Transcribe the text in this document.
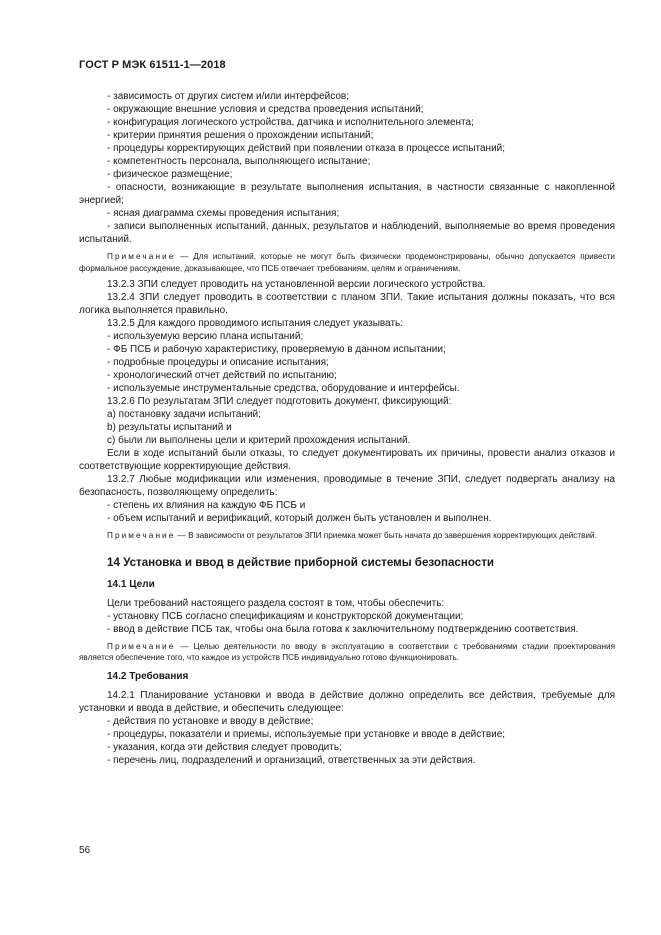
ГОСТ Р МЭК 61511-1—2018

- зависимость от других систем и/или интерфейсов;

- окружающие внешние условия и средства проведения испытаний;

- конфигурация логического устройства, датчика и исполнительного элемента;

- критерии принятия решения о прохождении испытаний;

- процедуры корректирующих действий при появлении отказа в процессе испытаний;

- компетентность персонала, выполняющего испытание;

- физическое размещение;

- опасности, возникающие в результате выполнения испытания, в частности связанные с накопленной энергией;

- ясная диаграмма схемы проведения испытания;

- записи выполненных испытаний, данных, результатов и наблюдений, выполняемые во время проведения испытаний.

Примечание — Для испытаний, которые не могут быть физически продемонстрированы, обычно допускается привести формальное рассуждение, доказывающее, что ПСБ отвечает требованиям, целям и ограничениям.

13.2.3 ЗПИ следует проводить на установленной версии логического устройства.

13.2.4 ЗПИ следует проводить в соответствии с планом ЗПИ. Такие испытания должны показать, что вся логика выполняется правильно.

13.2.5 Для каждого проводимого испытания следует указывать:

- используемую версию плана испытаний;

- ФБ ПСБ и рабочую характеристику, проверяемую в данном испытании;

- подробные процедуры и описание испытания;

- хронологический отчет действий по испытанию;

- используемые инструментальные средства, оборудование и интерфейсы.

13.2.6 По результатам ЗПИ следует подготовить документ, фиксирующий:

a) постановку задачи испытаний;

b) результаты испытаний и

c) были ли выполнены цели и критерий прохождения испытаний.

Если в ходе испытаний были отказы, то следует документировать их причины, провести анализ отказов и соответствующие корректирующие действия.

13.2.7 Любые модификации или изменения, проводимые в течение ЗПИ, следует подвергать анализу на безопасность, позволяющему определить:

- степень их влияния на каждую ФБ ПСБ и

- объем испытаний и верификаций, который должен быть установлен и выполнен.

Примечание — В зависимости от результатов ЗПИ приемка может быть начата до завершения корректирующих действий.

14 Установка и ввод в действие приборной системы безопасности

14.1 Цели

Цели требований настоящего раздела состоят в том, чтобы обеспечить:

- установку ПСБ согласно спецификациям и конструкторской документации;

- ввод в действие ПСБ так, чтобы она была готова к заключительному подтверждению соответствия.

Примечание — Целью деятельности по вводу в эксплуатацию в соответствии с требованиями стадии проектирования является обеспечение того, что каждое из устройств ПСБ индивидуально готово функционировать.

14.2 Требования

14.2.1 Планирование установки и ввода в действие должно определить все действия, требуемые для установки и ввода в действие, и обеспечить следующее:

- действия по установке и вводу в действие;

- процедуры, показатели и приемы, используемые при установке и вводе в действие;

- указания, когда эти действия следует проводить;

- перечень лиц, подразделений и организаций, ответственных за эти действия.

56
